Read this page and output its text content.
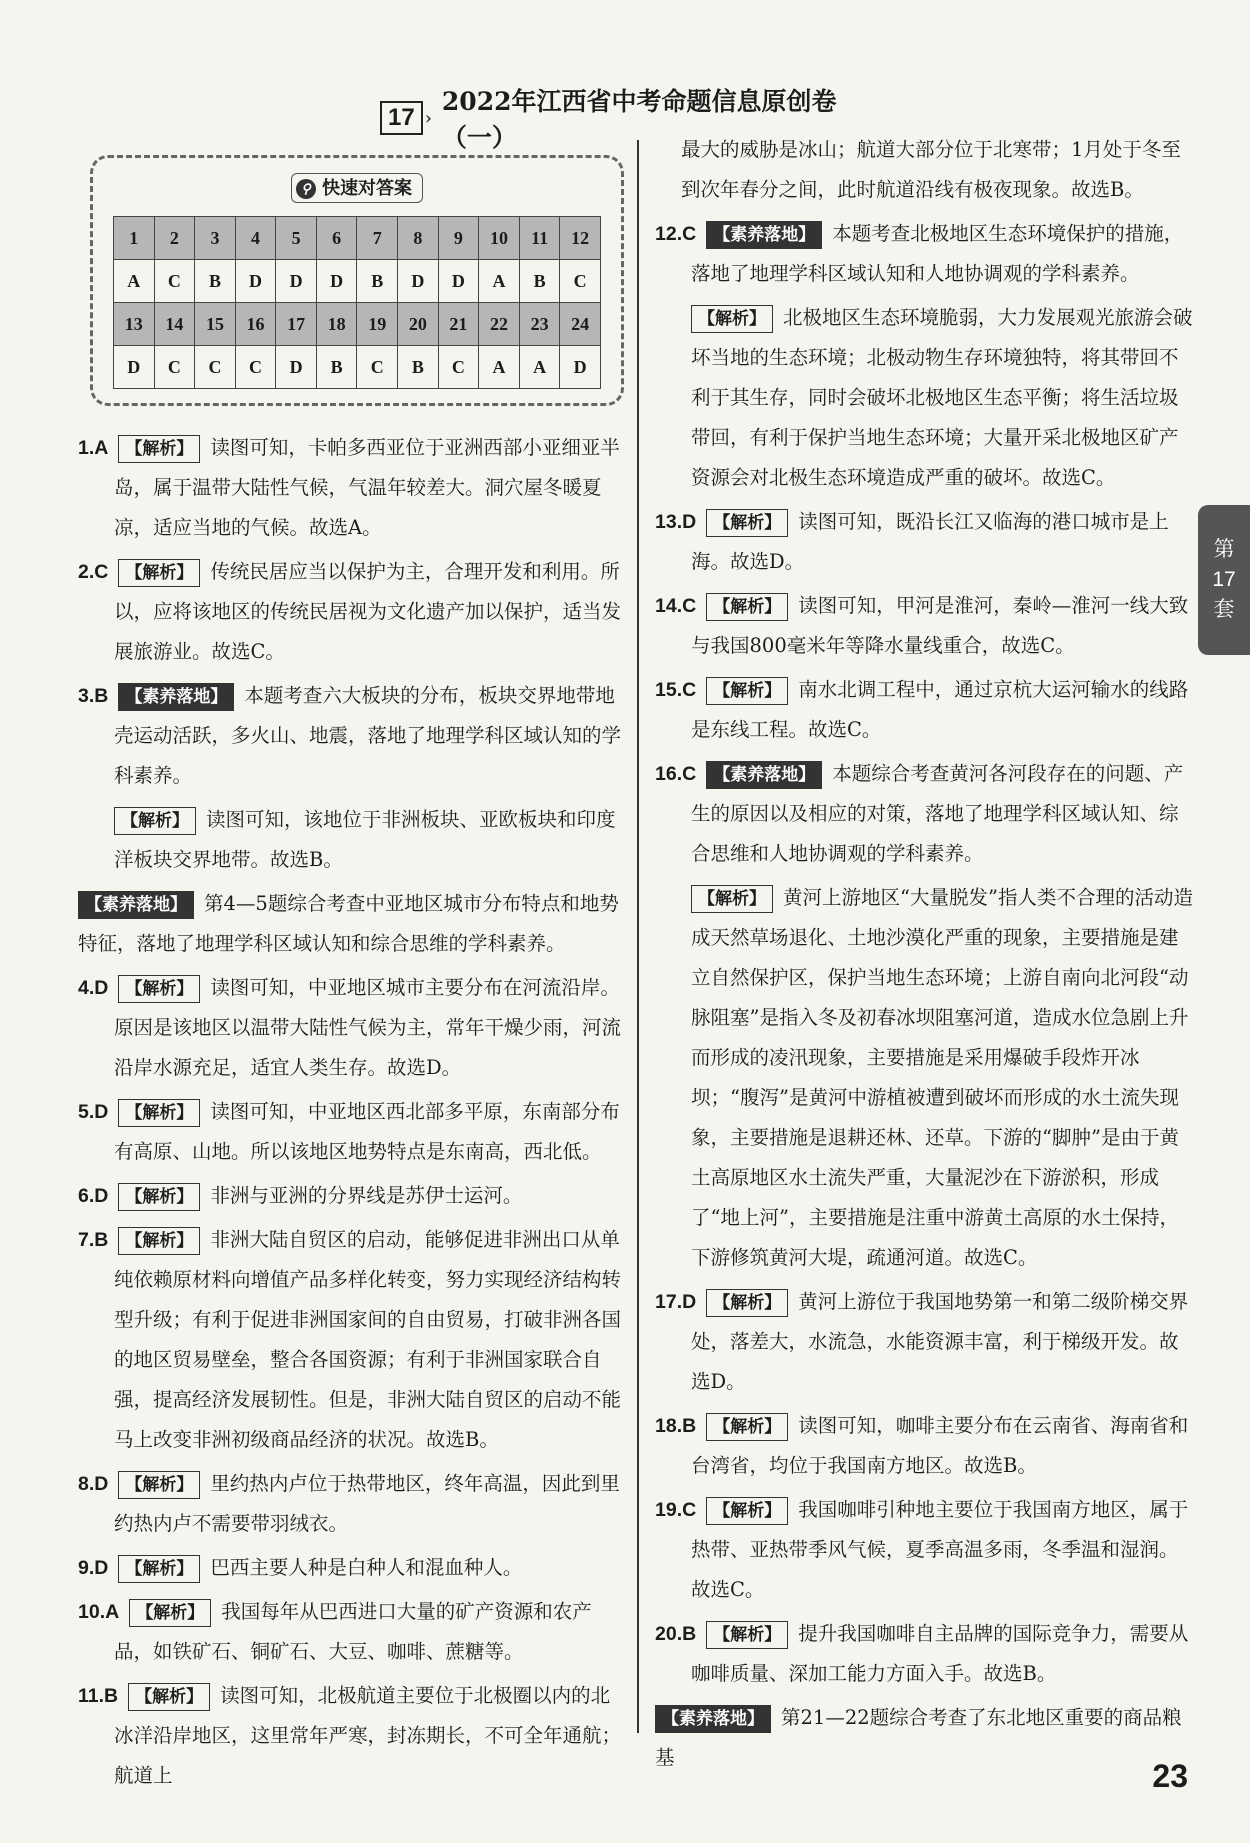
17 ›
2022年江西省中考命题信息原创卷（一）
⚲ 快速对答案
1	2	3	4	5	6	7	8	9	10	11	12
A	C	B	D	D	D	B	D	D	A	B	C
13	14	15	16	17	18	19	20	21	22	23	24
D	C	C	C	D	B	C	B	C	A	A	D
1.A 【解析】 读图可知，卡帕多西亚位于亚洲西部小亚细亚半岛，属于温带大陆性气候，气温年较差大。洞穴屋冬暖夏凉，适应当地的气候。故选A。
2.C 【解析】 传统民居应当以保护为主，合理开发和利用。所以，应将该地区的传统民居视为文化遗产加以保护，适当发展旅游业。故选C。
3.B 【素养落地】 本题考查六大板块的分布，板块交界地带地壳运动活跃，多火山、地震，落地了地理学科区域认知的学科素养。
【解析】 读图可知，该地位于非洲板块、亚欧板块和印度洋板块交界地带。故选B。
【素养落地】 第4—5题综合考查中亚地区城市分布特点和地势特征，落地了地理学科区域认知和综合思维的学科素养。
4.D 【解析】 读图可知，中亚地区城市主要分布在河流沿岸。原因是该地区以温带大陆性气候为主，常年干燥少雨，河流沿岸水源充足，适宜人类生存。故选D。
5.D 【解析】 读图可知，中亚地区西北部多平原，东南部分布有高原、山地。所以该地区地势特点是东南高，西北低。
6.D 【解析】 非洲与亚洲的分界线是苏伊士运河。
7.B 【解析】 非洲大陆自贸区的启动，能够促进非洲出口从单纯依赖原材料向增值产品多样化转变，努力实现经济结构转型升级；有利于促进非洲国家间的自由贸易，打破非洲各国的地区贸易壁垒，整合各国资源；有利于非洲国家联合自强，提高经济发展韧性。但是，非洲大陆自贸区的启动不能马上改变非洲初级商品经济的状况。故选B。
8.D 【解析】 里约热内卢位于热带地区，终年高温，因此到里约热内卢不需要带羽绒衣。
9.D 【解析】 巴西主要人种是白种人和混血种人。
10.A 【解析】 我国每年从巴西进口大量的矿产资源和农产品，如铁矿石、铜矿石、大豆、咖啡、蔗糖等。
11.B 【解析】 读图可知，北极航道主要位于北极圈以内的北冰洋沿岸地区，这里常年严寒，封冻期长，不可全年通航；航道上
最大的威胁是冰山；航道大部分位于北寒带；1月处于冬至到次年春分之间，此时航道沿线有极夜现象。故选B。
12.C 【素养落地】 本题考查北极地区生态环境保护的措施，落地了地理学科区域认知和人地协调观的学科素养。
【解析】 北极地区生态环境脆弱，大力发展观光旅游会破坏当地的生态环境；北极动物生存环境独特，将其带回不利于其生存，同时会破坏北极地区生态平衡；将生活垃圾带回，有利于保护当地生态环境；大量开采北极地区矿产资源会对北极生态环境造成严重的破坏。故选C。
13.D 【解析】 读图可知，既沿长江又临海的港口城市是上海。故选D。
14.C 【解析】 读图可知，甲河是淮河，秦岭—淮河一线大致与我国800毫米年等降水量线重合，故选C。
15.C 【解析】 南水北调工程中，通过京杭大运河输水的线路是东线工程。故选C。
16.C 【素养落地】 本题综合考查黄河各河段存在的问题、产生的原因以及相应的对策，落地了地理学科区域认知、综合思维和人地协调观的学科素养。
【解析】 黄河上游地区“大量脱发”指人类不合理的活动造成天然草场退化、土地沙漠化严重的现象，主要措施是建立自然保护区，保护当地生态环境；上游自南向北河段“动脉阻塞”是指入冬及初春冰坝阻塞河道，造成水位急剧上升而形成的凌汛现象，主要措施是采用爆破手段炸开冰坝；“腹泻”是黄河中游植被遭到破坏而形成的水土流失现象，主要措施是退耕还林、还草。下游的“脚肿”是由于黄土高原地区水土流失严重，大量泥沙在下游淤积，形成了“地上河”，主要措施是注重中游黄土高原的水土保持，下游修筑黄河大堤，疏通河道。故选C。
17.D 【解析】 黄河上游位于我国地势第一和第二级阶梯交界处，落差大，水流急，水能资源丰富，利于梯级开发。故选D。
18.B 【解析】 读图可知，咖啡主要分布在云南省、海南省和台湾省，均位于我国南方地区。故选B。
19.C 【解析】 我国咖啡引种地主要位于我国南方地区，属于热带、亚热带季风气候，夏季高温多雨，冬季温和湿润。故选C。
20.B 【解析】 提升我国咖啡自主品牌的国际竞争力，需要从咖啡质量、深加工能力方面入手。故选B。
【素养落地】 第21—22题综合考查了东北地区重要的商品粮基
第
17
套
23
